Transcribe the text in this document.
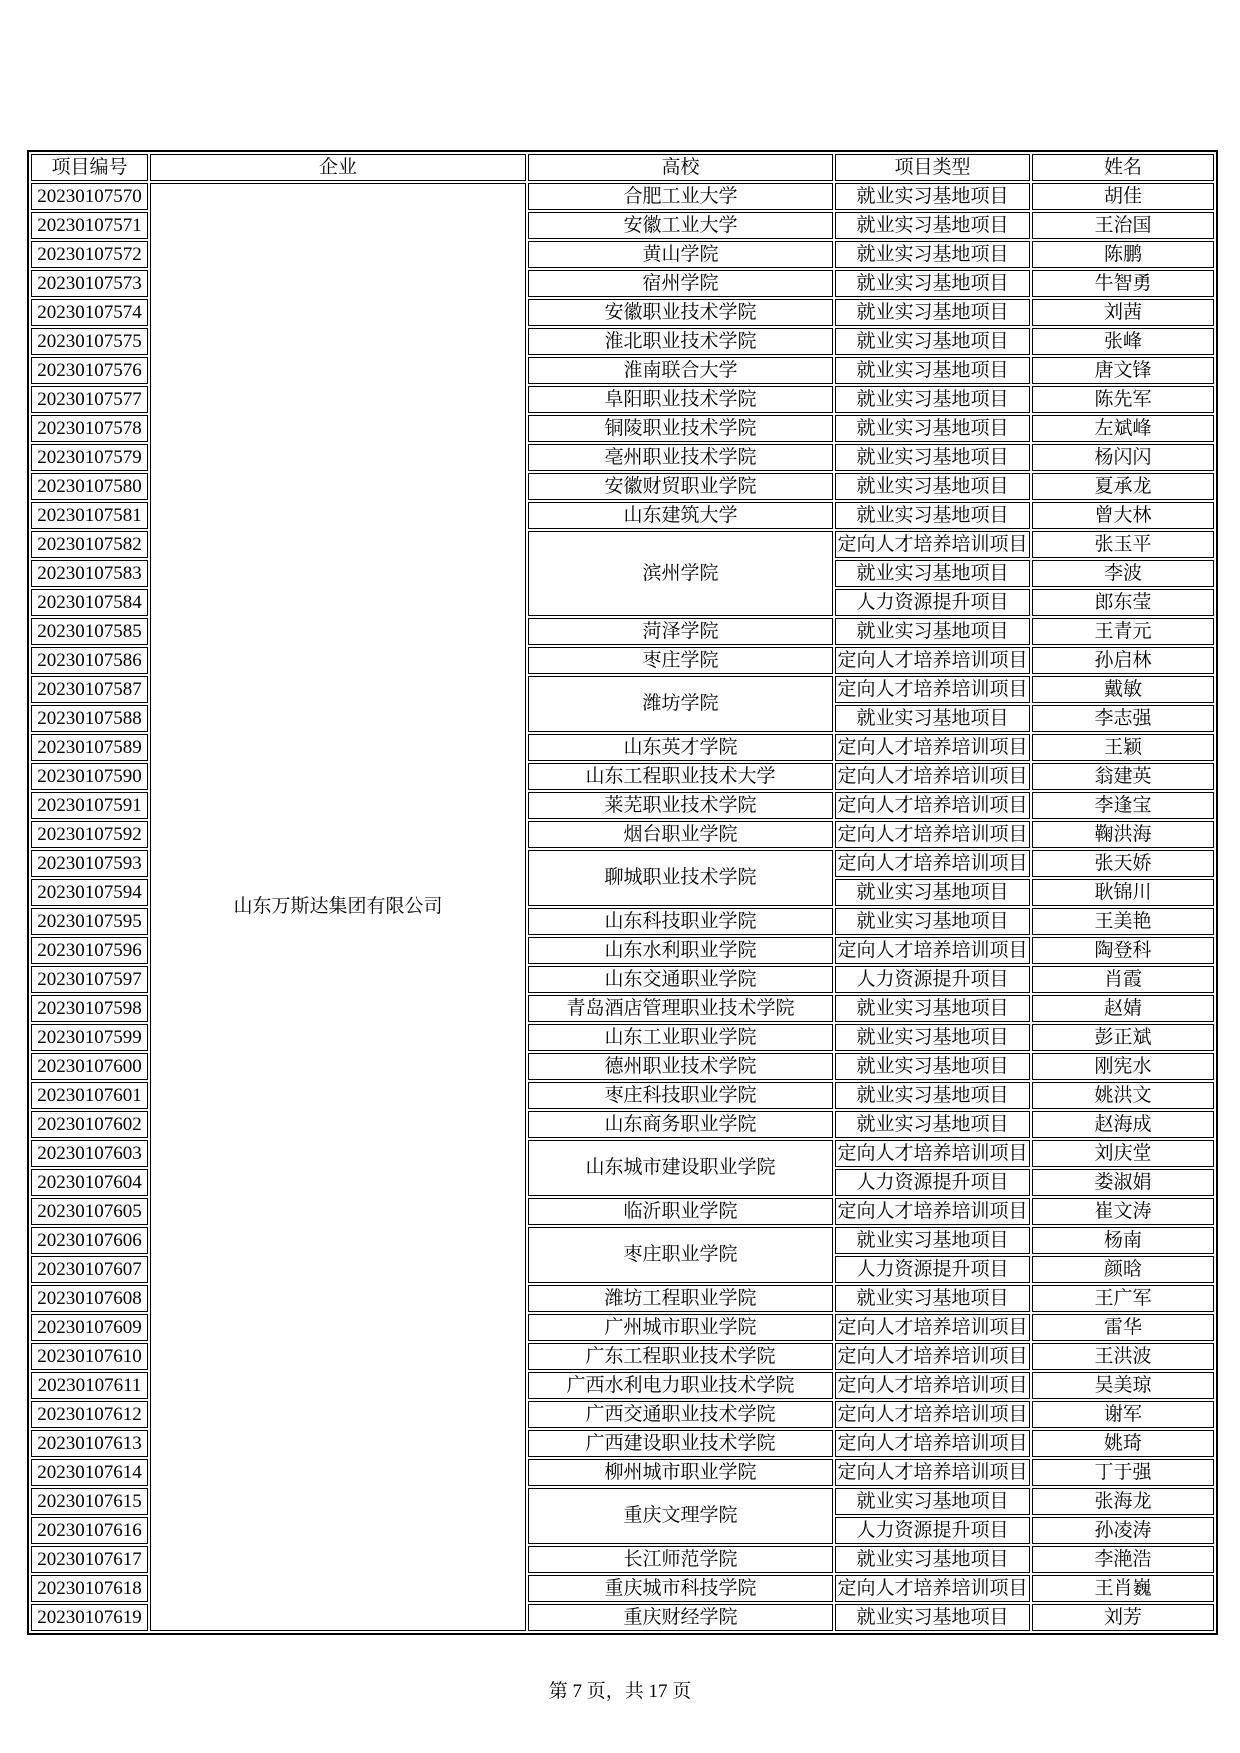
项目编号	企业	高校	项目类型	姓名
20230107570	山东万斯达集团有限公司	合肥工业大学	就业实习基地项目	胡佳
20230107571		安徽工业大学	就业实习基地项目	王治国
20230107572		黄山学院	就业实习基地项目	陈鹏
20230107573		宿州学院	就业实习基地项目	牛智勇
20230107574		安徽职业技术学院	就业实习基地项目	刘茜
20230107575		淮北职业技术学院	就业实习基地项目	张峰
20230107576		淮南联合大学	就业实习基地项目	唐文锋
20230107577		阜阳职业技术学院	就业实习基地项目	陈先军
20230107578		铜陵职业技术学院	就业实习基地项目	左斌峰
20230107579		亳州职业技术学院	就业实习基地项目	杨闪闪
20230107580		安徽财贸职业学院	就业实习基地项目	夏承龙
20230107581		山东建筑大学	就业实习基地项目	曾大林
20230107582		滨州学院	定向人才培养培训项目	张玉平
20230107583			就业实习基地项目	李波
20230107584			人力资源提升项目	郎东莹
20230107585		菏泽学院	就业实习基地项目	王青元
20230107586		枣庄学院	定向人才培养培训项目	孙启林
20230107587		潍坊学院	定向人才培养培训项目	戴敏
20230107588			就业实习基地项目	李志强
20230107589		山东英才学院	定向人才培养培训项目	王颖
20230107590		山东工程职业技术大学	定向人才培养培训项目	翁建英
20230107591		莱芜职业技术学院	定向人才培养培训项目	李逢宝
20230107592		烟台职业学院	定向人才培养培训项目	鞠洪海
20230107593		聊城职业技术学院	定向人才培养培训项目	张天娇
20230107594			就业实习基地项目	耿锦川
20230107595		山东科技职业学院	就业实习基地项目	王美艳
20230107596		山东水利职业学院	定向人才培养培训项目	陶登科
20230107597		山东交通职业学院	人力资源提升项目	肖霞
20230107598		青岛酒店管理职业技术学院	就业实习基地项目	赵婧
20230107599		山东工业职业学院	就业实习基地项目	彭正斌
20230107600		德州职业技术学院	就业实习基地项目	刚宪水
20230107601		枣庄科技职业学院	就业实习基地项目	姚洪文
20230107602		山东商务职业学院	就业实习基地项目	赵海成
20230107603		山东城市建设职业学院	定向人才培养培训项目	刘庆堂
20230107604			人力资源提升项目	娄淑娟
20230107605		临沂职业学院	定向人才培养培训项目	崔文涛
20230107606		枣庄职业学院	就业实习基地项目	杨南
20230107607			人力资源提升项目	颜晗
20230107608		潍坊工程职业学院	就业实习基地项目	王广军
20230107609		广州城市职业学院	定向人才培养培训项目	雷华
20230107610		广东工程职业技术学院	定向人才培养培训项目	王洪波
20230107611		广西水利电力职业技术学院	定向人才培养培训项目	吴美琼
20230107612		广西交通职业技术学院	定向人才培养培训项目	谢军
20230107613		广西建设职业技术学院	定向人才培养培训项目	姚琦
20230107614		柳州城市职业学院	定向人才培养培训项目	丁于强
20230107615		重庆文理学院	就业实习基地项目	张海龙
20230107616			人力资源提升项目	孙凌涛
20230107617		长江师范学院	就业实习基地项目	李滟浩
20230107618		重庆城市科技学院	定向人才培养培训项目	王肖巍
20230107619		重庆财经学院	就业实习基地项目	刘芳
第 7 页，共 17 页
